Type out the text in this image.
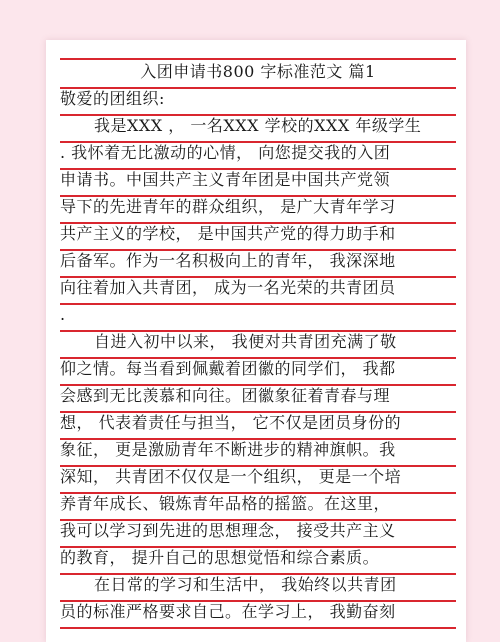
入团申请书800 字标准范文 篇1
敬爱的团组织:
我是XXX ， 一名XXX 学校的XXX 年级学生
. 我怀着无比激动的心情， 向您提交我的入团
申请书。中国共产主义青年团是中国共产党领
导下的先进青年的群众组织， 是广大青年学习
共产主义的学校， 是中国共产党的得力助手和
后备军。作为一名积极向上的青年， 我深深地
向往着加入共青团， 成为一名光荣的共青团员
.
自进入初中以来， 我便对共青团充满了敬
仰之情。每当看到佩戴着团徽的同学们， 我都
会感到无比羡慕和向往。团徽象征着青春与理
想， 代表着责任与担当， 它不仅是团员身份的
象征， 更是激励青年不断进步的精神旗帜。我
深知， 共青团不仅仅是一个组织， 更是一个培
养青年成长、锻炼青年品格的摇篮。在这里，
我可以学习到先进的思想理念， 接受共产主义
的教育， 提升自己的思想觉悟和综合素质。
在日常的学习和生活中， 我始终以共青团
员的标准严格要求自己。在学习上， 我勤奋刻
